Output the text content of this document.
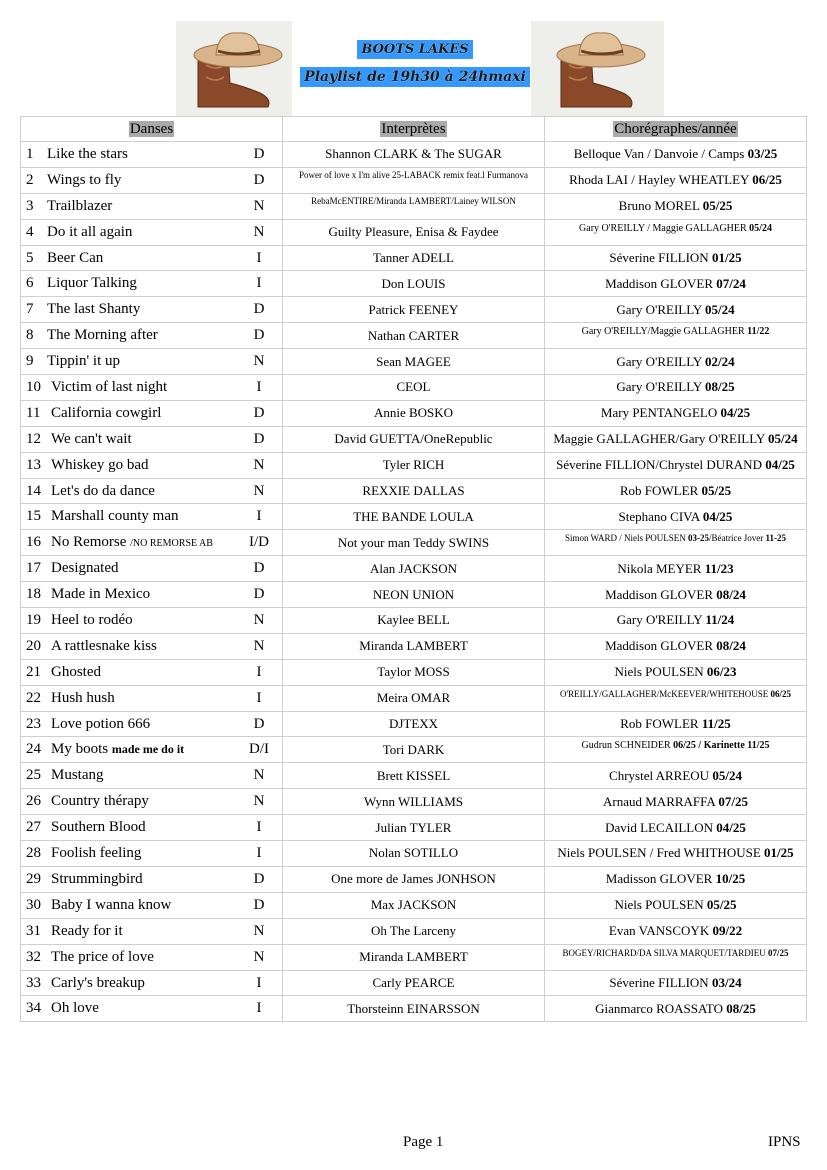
BOOTS LAKES
Playlist de 19h30 à 24hmaxi
Danses	Interprètes	Chorégraphes/année

1 Like the stars D	Shannon CLARK & The SUGAR	Belloque Van / Danvoie / Camps 03/25

2 Wings to fly D	Power of love x I'm alive 25-LABACK remix feat.l Furmanova	Rhoda LAI / Hayley WHEATLEY 06/25

3 Trailblazer N	RebaMcENTIRE/Miranda LAMBERT/Lainey WILSON	Bruno MOREL 05/25

4 Do it all again N	Guilty Pleasure, Enisa & Faydee	Gary O'REILLY / Maggie GALLAGHER 05/24

5 Beer Can I	Tanner ADELL	Séverine FILLION 01/25

6 Liquor Talking I	Don LOUIS	Maddison GLOVER 07/24

7 The last Shanty D	Patrick FEENEY	Gary O'REILLY 05/24

8 The Morning after D	Nathan CARTER	Gary O'REILLY/Maggie GALLAGHER 11/22

9 Tippin' it up N	Sean MAGEE	Gary O'REILLY 02/24

10 Victim of last night I	CEOL	Gary O'REILLY 08/25

11 California cowgirl D	Annie BOSKO	Mary PENTANGELO 04/25

12 We can't wait D	David GUETTA/OneRepublic	Maggie GALLAGHER/Gary O'REILLY 05/24

13 Whiskey go bad N	Tyler RICH	Séverine FILLION/Chrystel DURAND 04/25

14 Let's do da dance N	REXXIE DALLAS	Rob FOWLER 05/25

15 Marshall county man I	THE BANDE LOULA	Stephano CIVA 04/25

16 No Remorse /NO REMORSE AB I/D	Not your man Teddy SWINS	Simon WARD / Niels POULSEN 03-25/Béatrice Jover 11-25

17 Designated D	Alan JACKSON	Nikola MEYER 11/23

18 Made in Mexico D	NEON UNION	Maddison GLOVER 08/24

19 Heel to rodéo N	Kaylee BELL	Gary O'REILLY 11/24

20 A rattlesnake kiss N	Miranda LAMBERT	Maddison GLOVER 08/24

21 Ghosted I	Taylor MOSS	Niels POULSEN 06/23

22 Hush hush I	Meira OMAR	O'REILLY/GALLAGHER/McKEEVER/WHITEHOUSE 06/25

23 Love potion 666 D	DJTEXX	Rob FOWLER 11/25

24 My boots made me do it D/I	Tori DARK	Gudrun SCHNEIDER 06/25 / Karinette 11/25

25 Mustang N	Brett KISSEL	Chrystel ARREOU 05/24

26 Country thérapy N	Wynn WILLIAMS	Arnaud MARRAFFA 07/25

27 Southern Blood I	Julian TYLER	David LECAILLON 04/25

28 Foolish feeling I	Nolan SOTILLO	Niels POULSEN / Fred WHITHOUSE 01/25

29 Strummingbird D	One more de James JONHSON	Madisson GLOVER 10/25

30 Baby I wanna know D	Max JACKSON	Niels POULSEN 05/25

31 Ready for it N	Oh The Larceny	Evan VANSCOYK 09/22

32 The price of love N	Miranda LAMBERT	BOGEY/RICHARD/DA SILVA MARQUET/TARDIEU 07/25

33 Carly's breakup I	Carly PEARCE	Séverine FILLION 03/24

34 Oh love I	Thorsteinn EINARSSON	Gianmarco ROASSATO 08/25
Page 1	IPNS
